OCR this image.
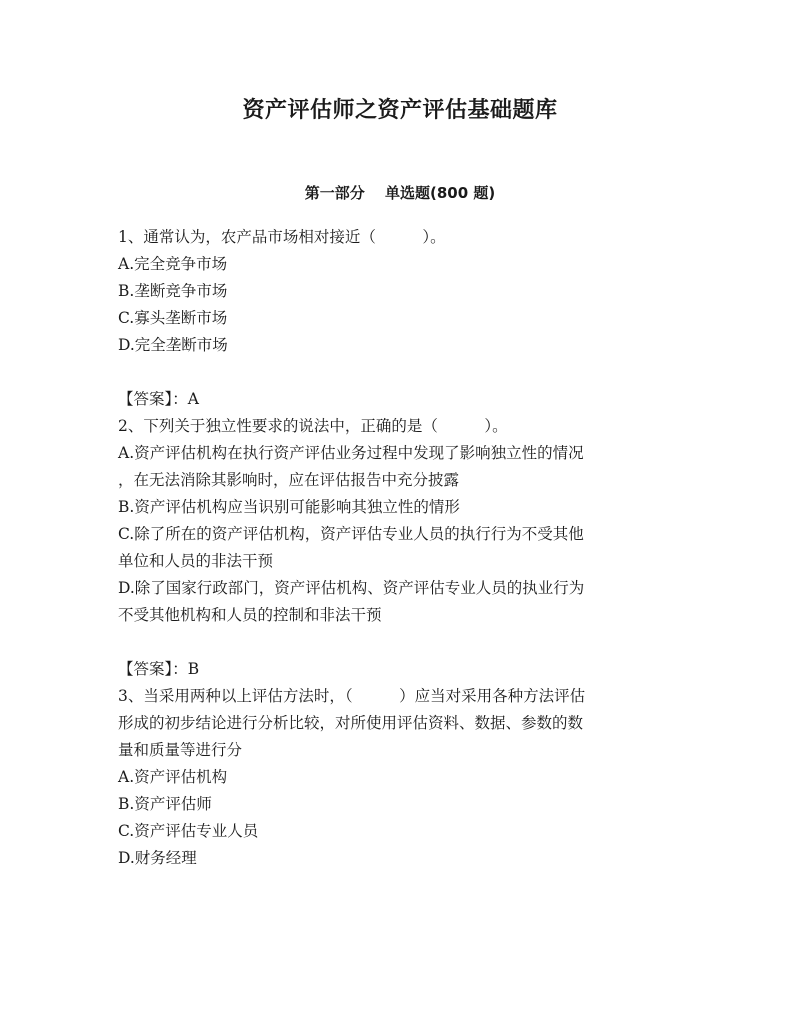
资产评估师之资产评估基础题库
第一部分　 单选题(800 题)
1、通常认为，农产品市场相对接近（　　　）。
A.完全竞争市场
B.垄断竞争市场
C.寡头垄断市场
D.完全垄断市场
【答案】：A
2、下列关于独立性要求的说法中，正确的是（　　　）。
A.资产评估机构在执行资产评估业务过程中发现了影响独立性的情况
，在无法消除其影响时，应在评估报告中充分披露
B.资产评估机构应当识别可能影响其独立性的情形
C.除了所在的资产评估机构，资产评估专业人员的执行行为不受其他
单位和人员的非法干预
D.除了国家行政部门，资产评估机构、资产评估专业人员的执业行为
不受其他机构和人员的控制和非法干预
【答案】：B
3、当采用两种以上评估方法时，（　　　）应当对采用各种方法评估
形成的初步结论进行分析比较，对所使用评估资料、数据、参数的数
量和质量等进行分
A.资产评估机构
B.资产评估师
C.资产评估专业人员
D.财务经理
